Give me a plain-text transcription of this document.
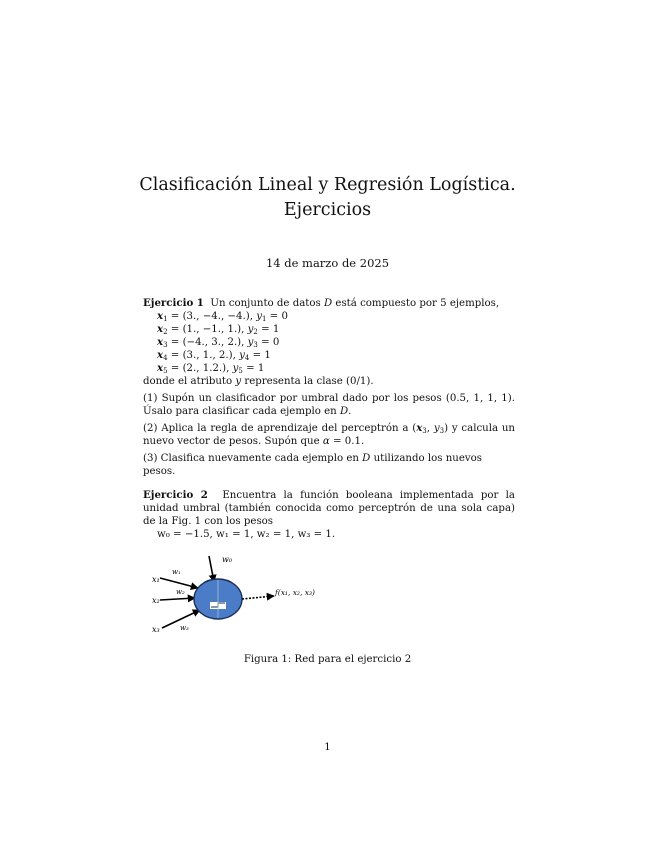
Clasificación Lineal y Regresión Logística.
Ejercicios
14 de marzo de 2025
Ejercicio 1 Un conjunto de datos D está compuesto por 5 ejemplos,
$x_1 = (3$., −4., −4.), $y_1 = 0$
$x_2 = (1$., −1., 1.), $y_2 = 1$
$x_3 = (-4$., 3., 2.), $y_3 = 0$
$x_4 = (3$., 1., 2.), $y_4 = 1$
$x_5 = (2$., 1.2.), $y_5 = 1$
donde el atributo y representa la clase (0/1).
(1) Supón un clasificador por umbral dado por los pesos (0.5, 1, 1, 1). Úsalo para clasificar cada ejemplo en D.
(2) Aplica la regla de aprendizaje del perceptrón a ($x_3$, $y_3$) y calcula un nuevo vector de pesos. Supón que α = 0.1.
(3) Clasifica nuevamente cada ejemplo en D utilizando los nuevos pesos.
Ejercicio 2 Encuentra la función booleana implementada por la unidad umbral (también conocida como perceptrón de una sola capa) de la Fig. 1 con los pesos
w₀ = −1.5, w₁ = 1, w₂ = 1, w₃ = 1.
w₀
x₁
x₂
x₃
w₁
w₂
w₃
f(x₁, x₂, x₃)
Figura 1: Red para el ejercicio 2
1
